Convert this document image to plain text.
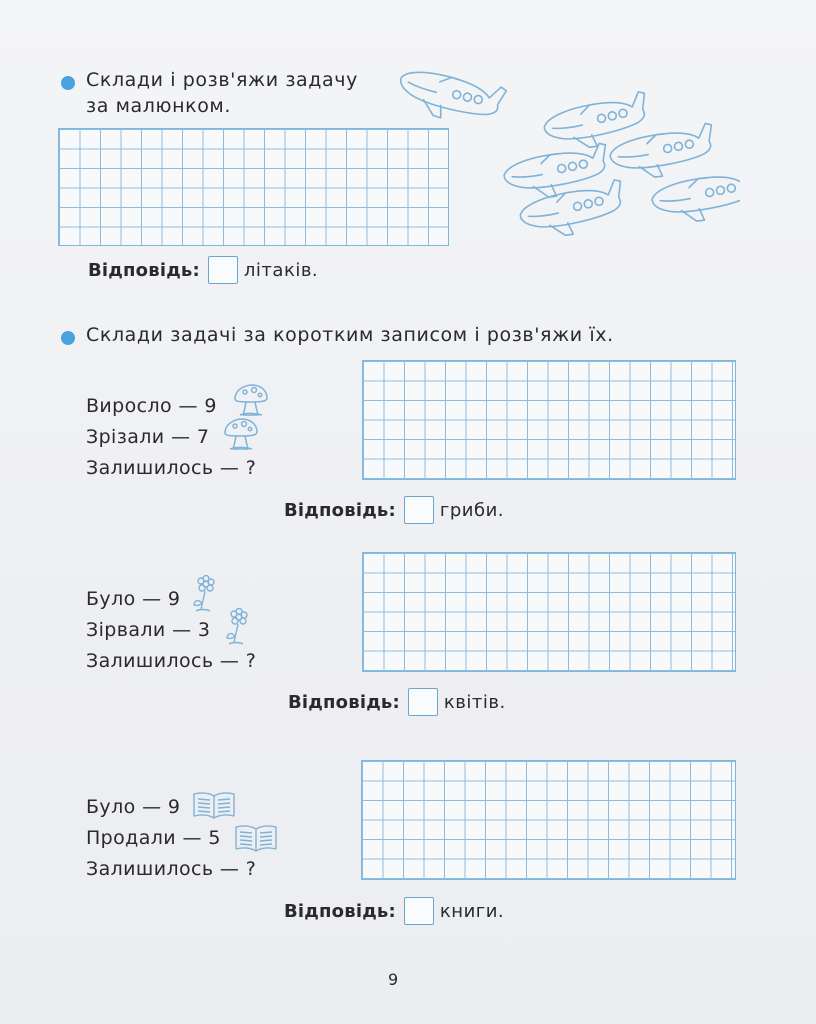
Склади і розв'яжи задачу
за малюнком.
Відповідь: літаків.
Склади задачі за коротким записом і розв'яжи їх.
Виросло — 9
Зрізали — 7
Залишилось — ?
Відповідь: гриби.
Було — 9
Зірвали — 3
Залишилось — ?
Відповідь: квітів.
Було — 9
Продали — 5
Залишилось — ?
Відповідь: книги.
9
